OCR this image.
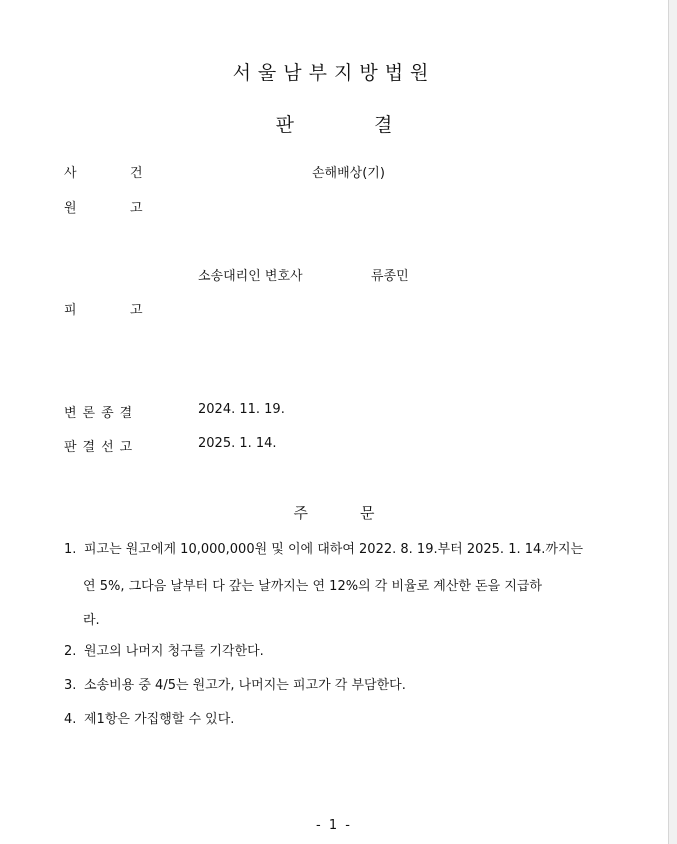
서울남부지방법원
판	결
사	건	손해배상(기)
원	고
소송대리인 변호사	류종민
피	고
변론종결	2024. 11. 19.
판결선고	2025. 1. 14.
주	문
1. 피고는 원고에게 10,000,000원 및 이에 대하여 2022. 8. 19.부터 2025. 1. 14.까지는
연 5%, 그다음 날부터 다 갚는 날까지는 연 12%의 각 비율로 계산한 돈을 지급하
라.
2. 원고의 나머지 청구를 기각한다.
3. 소송비용 중 4/5는 원고가, 나머지는 피고가 각 부담한다.
4. 제1항은 가집행할 수 있다.
- 1 -
